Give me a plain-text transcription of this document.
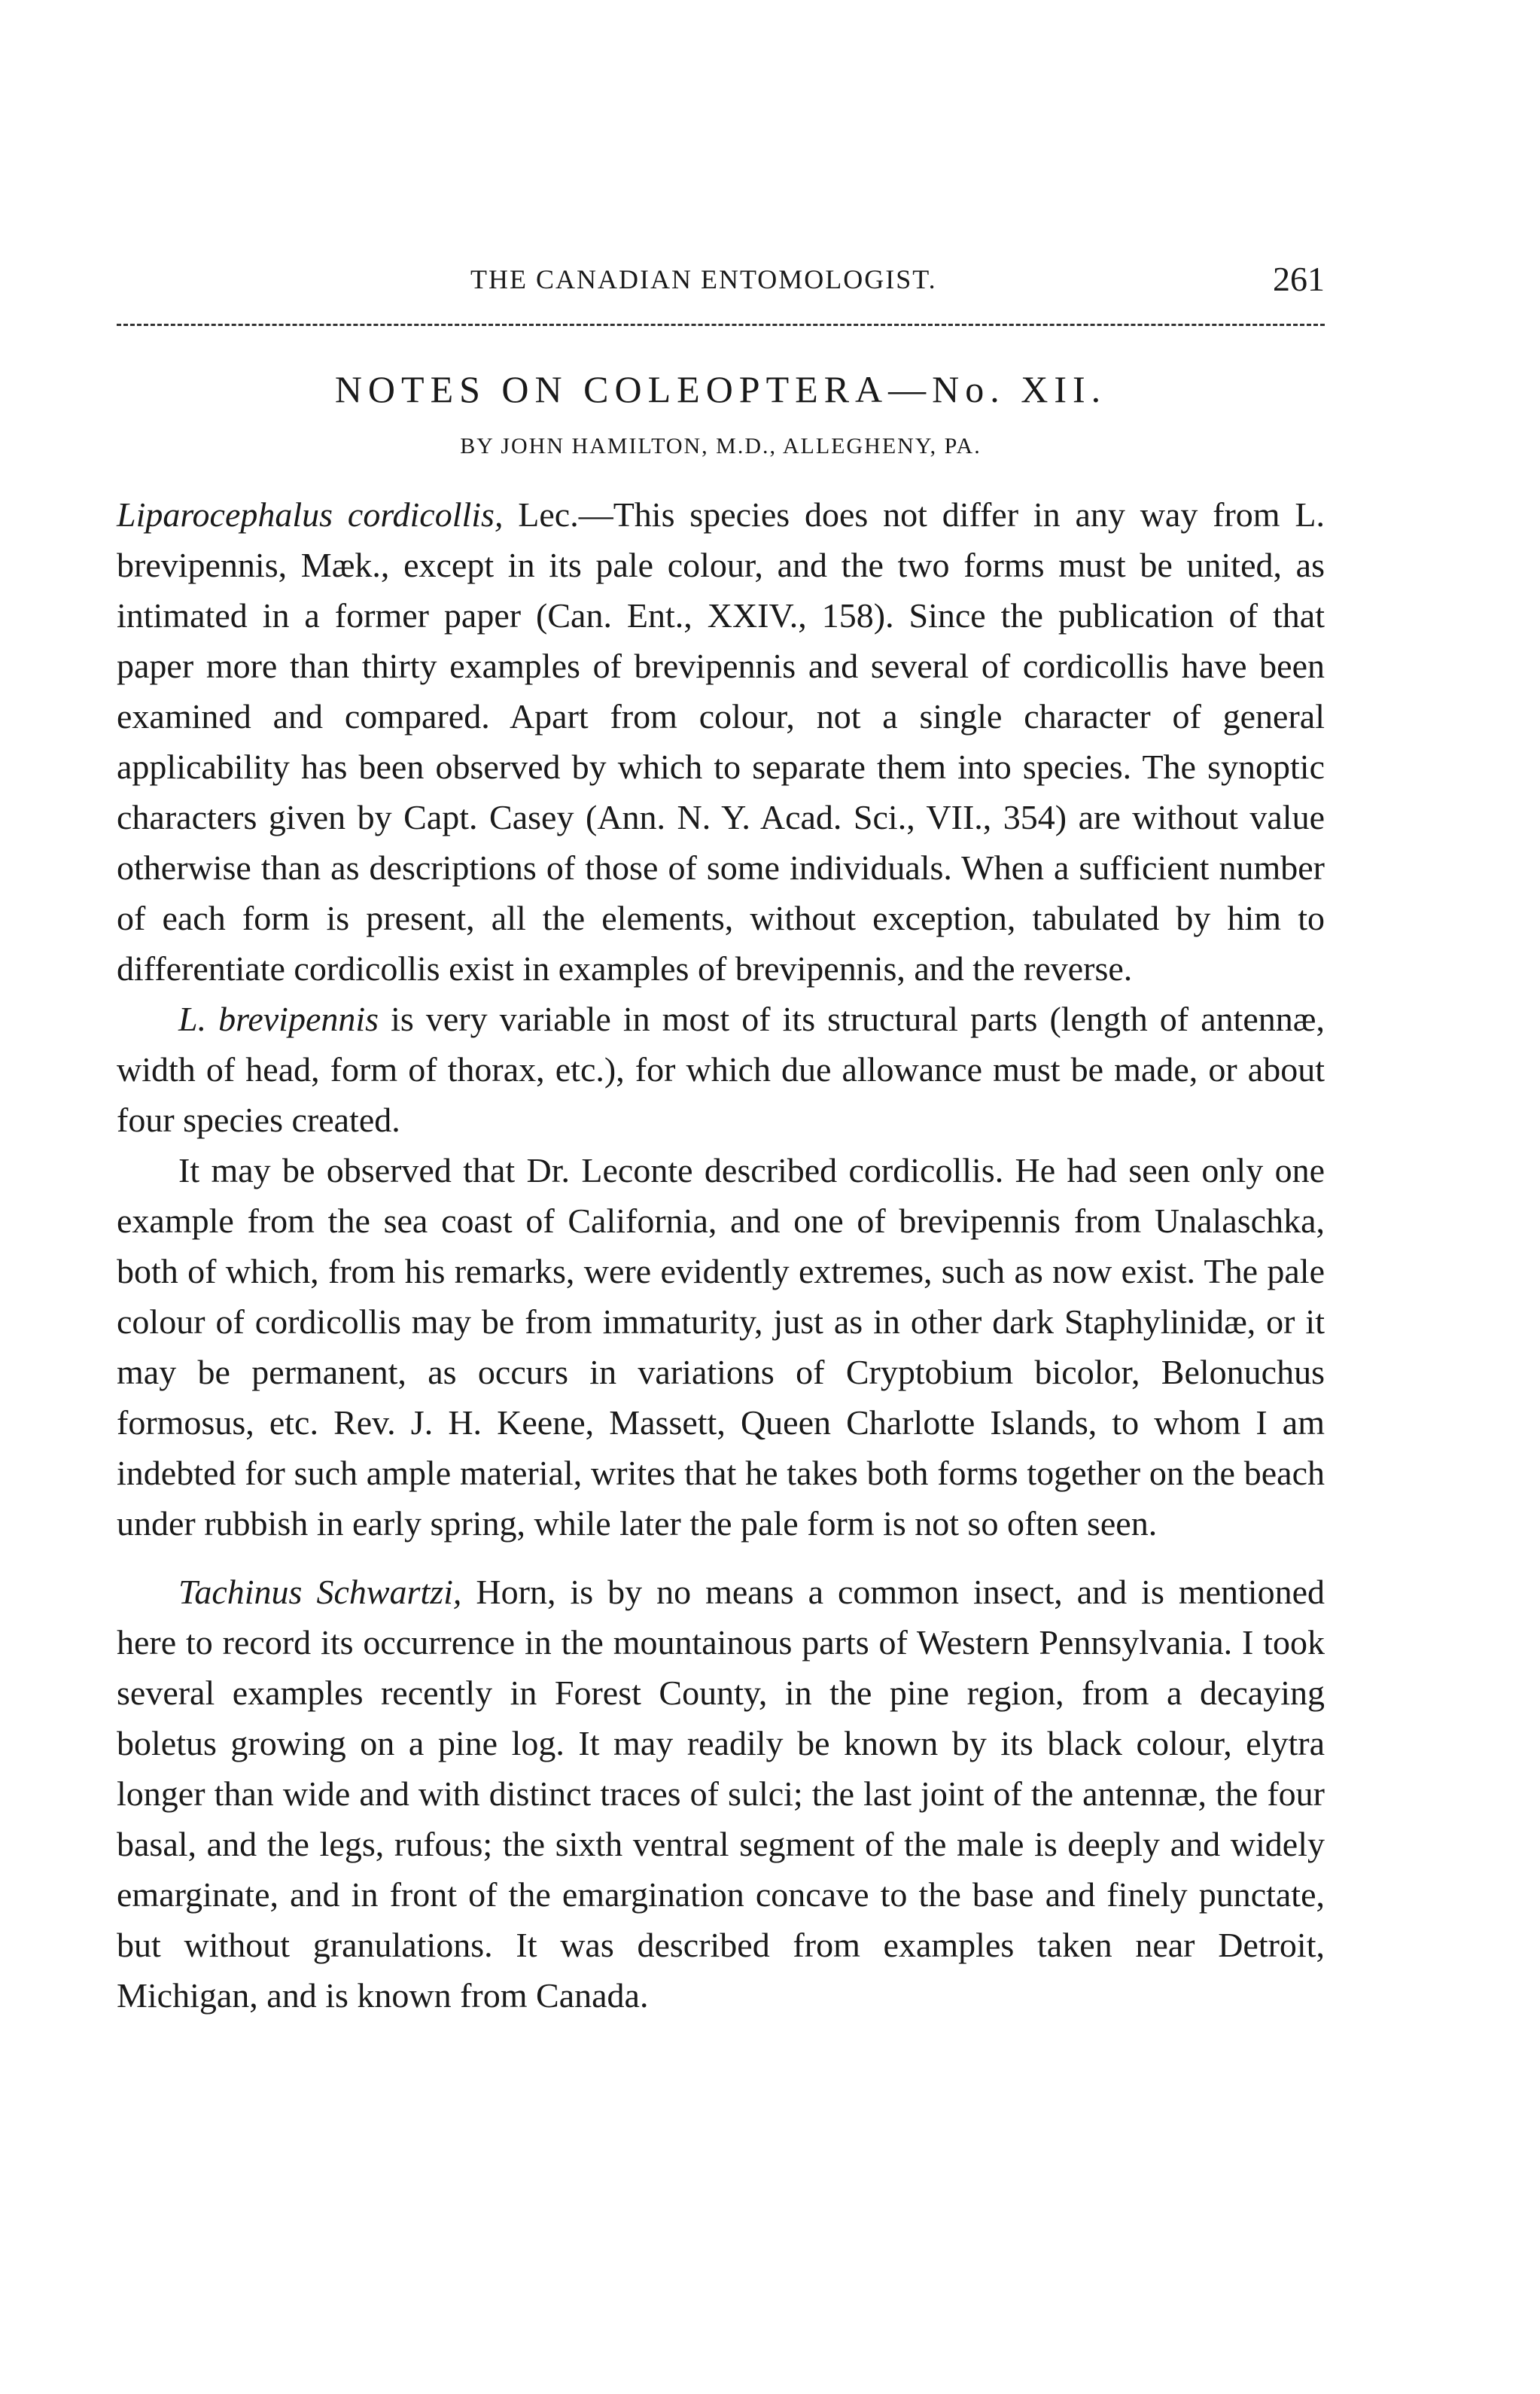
THE CANADIAN ENTOMOLOGIST.	261
NOTES ON COLEOPTERA—No. XII.
BY JOHN HAMILTON, M.D., ALLEGHENY, PA.

Liparocephalus cordicollis, Lec.—This species does not differ in any way from L. brevipennis, Mæk., except in its pale colour, and the two forms must be united, as intimated in a former paper (Can. Ent., XXIV., 158). Since the publication of that paper more than thirty examples of brevipennis and several of cordicollis have been examined and compared. Apart from colour, not a single character of general applicability has been observed by which to separate them into species. The synoptic characters given by Capt. Casey (Ann. N. Y. Acad. Sci., VII., 354) are without value otherwise than as descriptions of those of some individuals. When a sufficient number of each form is present, all the elements, without exception, tabulated by him to differentiate cordicollis exist in examples of brevipennis, and the reverse.

L. brevipennis is very variable in most of its structural parts (length of antennæ, width of head, form of thorax, etc.), for which due allowance must be made, or about four species created.

It may be observed that Dr. Leconte described cordicollis. He had seen only one example from the sea coast of California, and one of brevipennis from Unalaschka, both of which, from his remarks, were evidently extremes, such as now exist. The pale colour of cordicollis may be from immaturity, just as in other dark Staphylinidæ, or it may be permanent, as occurs in variations of Cryptobium bicolor, Belonuchus formosus, etc. Rev. J. H. Keene, Massett, Queen Charlotte Islands, to whom I am indebted for such ample material, writes that he takes both forms together on the beach under rubbish in early spring, while later the pale form is not so often seen.

Tachinus Schwartzi, Horn, is by no means a common insect, and is mentioned here to record its occurrence in the mountainous parts of Western Pennsylvania. I took several examples recently in Forest County, in the pine region, from a decaying boletus growing on a pine log. It may readily be known by its black colour, elytra longer than wide and with distinct traces of sulci; the last joint of the antennæ, the four basal, and the legs, rufous; the sixth ventral segment of the male is deeply and widely emarginate, and in front of the emargination concave to the base and finely punctate, but without granulations. It was described from examples taken near Detroit, Michigan, and is known from Canada.
